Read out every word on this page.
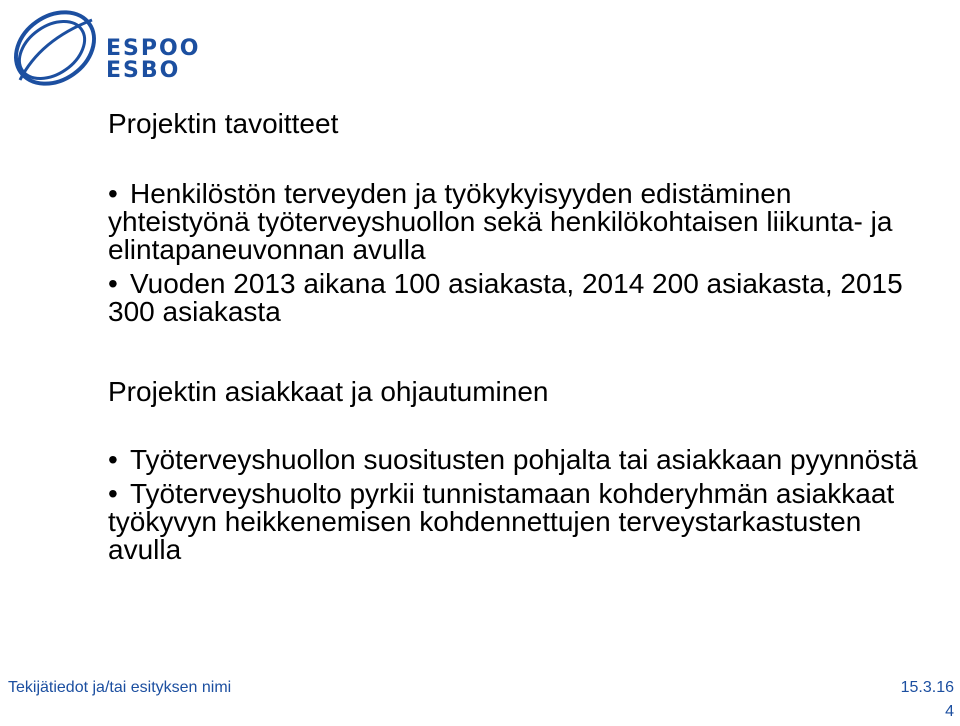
ESPOO
ESBO
Projektin tavoitteet
• Henkilöstön terveyden ja työkykyisyyden edistäminen yhteistyönä työterveyshuollon sekä henkilökohtaisen liikunta- ja elintapaneuvonnan avulla
• Vuoden 2013 aikana 100 asiakasta, 2014 200 asiakasta, 2015 300 asiakasta
Projektin asiakkaat ja ohjautuminen
• Työterveyshuollon suositusten pohjalta tai asiakkaan pyynnöstä
• Työterveyshuolto pyrkii tunnistamaan kohderyhmän asiakkaat työkyvyn heikkenemisen kohdennettujen terveystarkastusten avulla
Tekijätiedot ja/tai esityksen nimi	15.3.16
4
